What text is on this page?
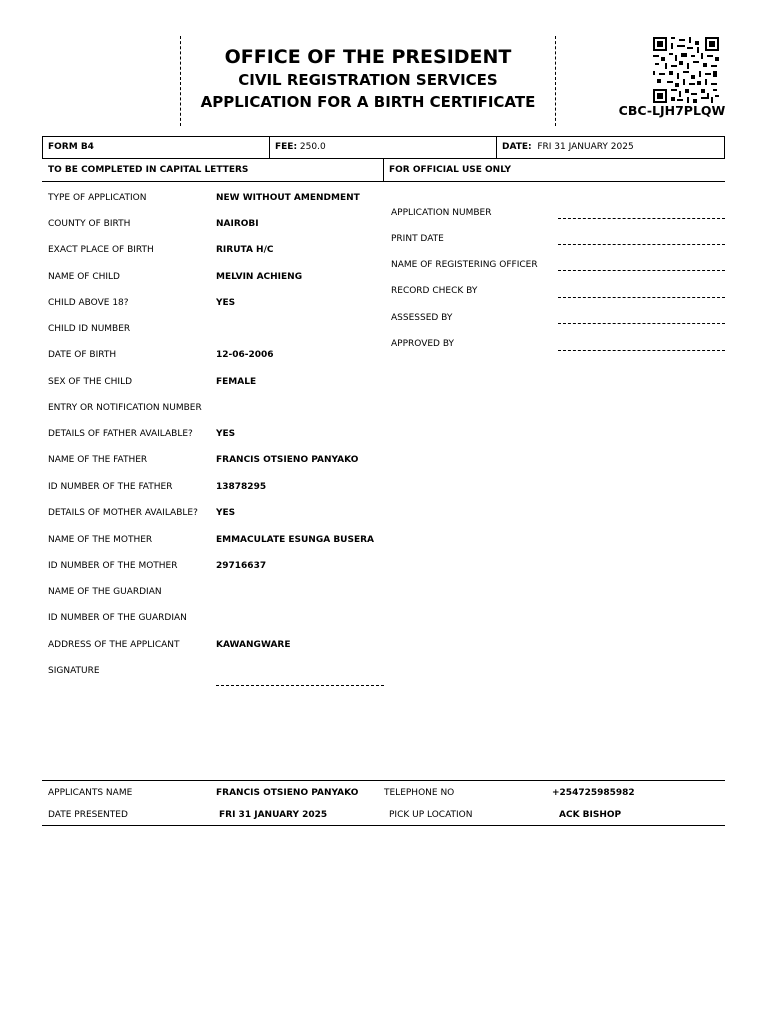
OFFICE OF THE PRESIDENT
CIVIL REGISTRATION SERVICES
APPLICATION FOR A BIRTH CERTIFICATE	CBC-LJH7PLQW
FORM B4	FEE: 250.0	DATE: FRI 31 JANUARY 2025
TO BE COMPLETED IN CAPITAL LETTERS	FOR OFFICIAL USE ONLY
TYPE OF APPLICATION	NEW WITHOUT AMENDMENT
COUNTY OF BIRTH	NAIROBI
EXACT PLACE OF BIRTH	RIRUTA H/C
NAME OF CHILD	MELVIN ACHIENG
CHILD ABOVE 18?	YES
CHILD ID NUMBER
DATE OF BIRTH	12-06-2006
SEX OF THE CHILD	FEMALE
ENTRY OR NOTIFICATION NUMBER
DETAILS OF FATHER AVAILABLE?	YES
NAME OF THE FATHER	FRANCIS OTSIENO PANYAKO
ID NUMBER OF THE FATHER	13878295
DETAILS OF MOTHER AVAILABLE? YES
NAME OF THE MOTHER	EMMACULATE ESUNGA BUSERA
ID NUMBER OF THE MOTHER	29716637
NAME OF THE GUARDIAN
ID NUMBER OF THE GUARDIAN
ADDRESS OF THE APPLICANT	KAWANGWARE
SIGNATURE
APPLICATION NUMBER
PRINT DATE
NAME OF REGISTERING OFFICER
RECORD CHECK BY
ASSESSED BY
APPROVED BY
APPLICANTS NAME	FRANCIS OTSIENO PANYAKO	TELEPHONE NO	+254725985982
DATE PRESENTED	FRI 31 JANUARY 2025	PICK UP LOCATION	ACK BISHOP
